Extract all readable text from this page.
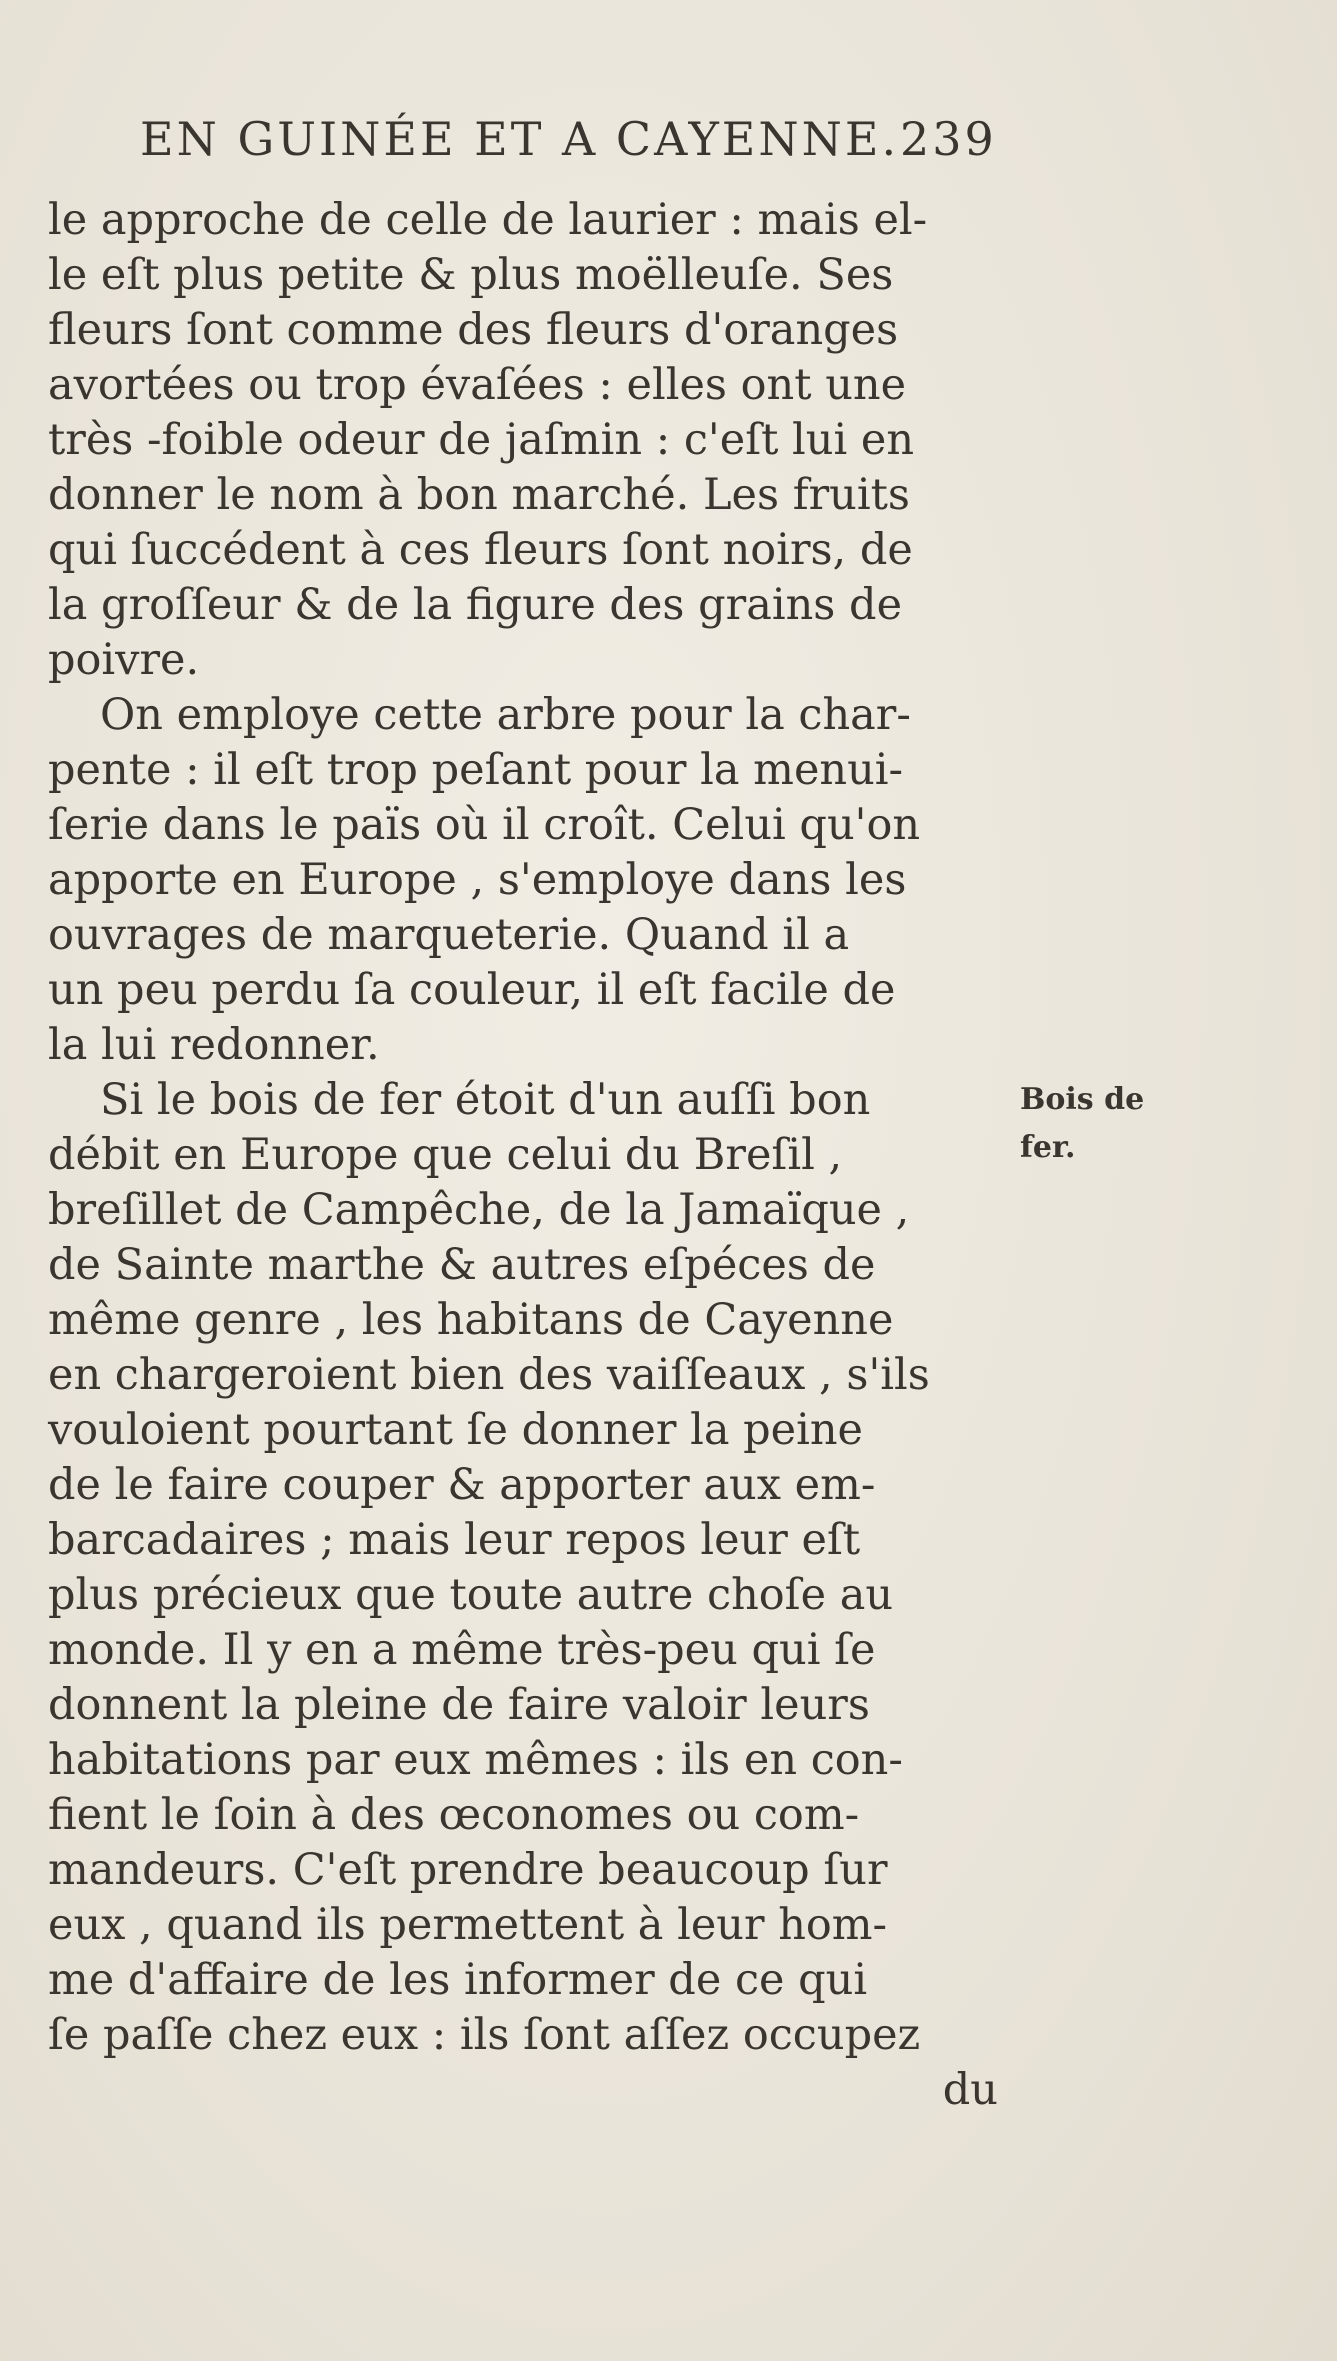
EN GUINÉE ET A CAYENNE. 239
le approche de celle de laurier : mais el-
le eſt plus petite & plus moëlleuſe. Ses
fleurs ſont comme des fleurs d'oranges
avortées ou trop évaſées : elles ont une
très -foible odeur de jaſmin : c'eſt lui en
donner le nom à bon marché. Les fruits
qui ſuccédent à ces fleurs ſont noirs, de
la groſſeur & de la figure des grains de
poivre.
On employe cette arbre pour la char-
pente : il eſt trop peſant pour la menui-
ſerie dans le païs où il croît. Celui qu'on
apporte en Europe , s'employe dans les
ouvrages de marqueterie. Quand il a
un peu perdu ſa couleur, il eſt facile de
la lui redonner.
Si le bois de fer étoit d'un auſſi bon
débit en Europe que celui du Breſil ,
breſillet de Campêche, de la Jamaïque ,
de Sainte marthe & autres eſpéces de
même genre , les habitans de Cayenne
en chargeroient bien des vaiſſeaux , s'ils
vouloient pourtant ſe donner la peine
de le faire couper & apporter aux em-
barcadaires ; mais leur repos leur eſt
plus précieux que toute autre choſe au
monde. Il y en a même très-peu qui ſe
donnent la pleine de faire valoir leurs
habitations par eux mêmes : ils en con-
fient le ſoin à des œconomes ou com-
mandeurs. C'eſt prendre beaucoup ſur
eux , quand ils permettent à leur hom-
me d'affaire de les informer de ce qui
ſe paſſe chez eux : ils ſont aſſez occupez
du
Bois de
fer.
